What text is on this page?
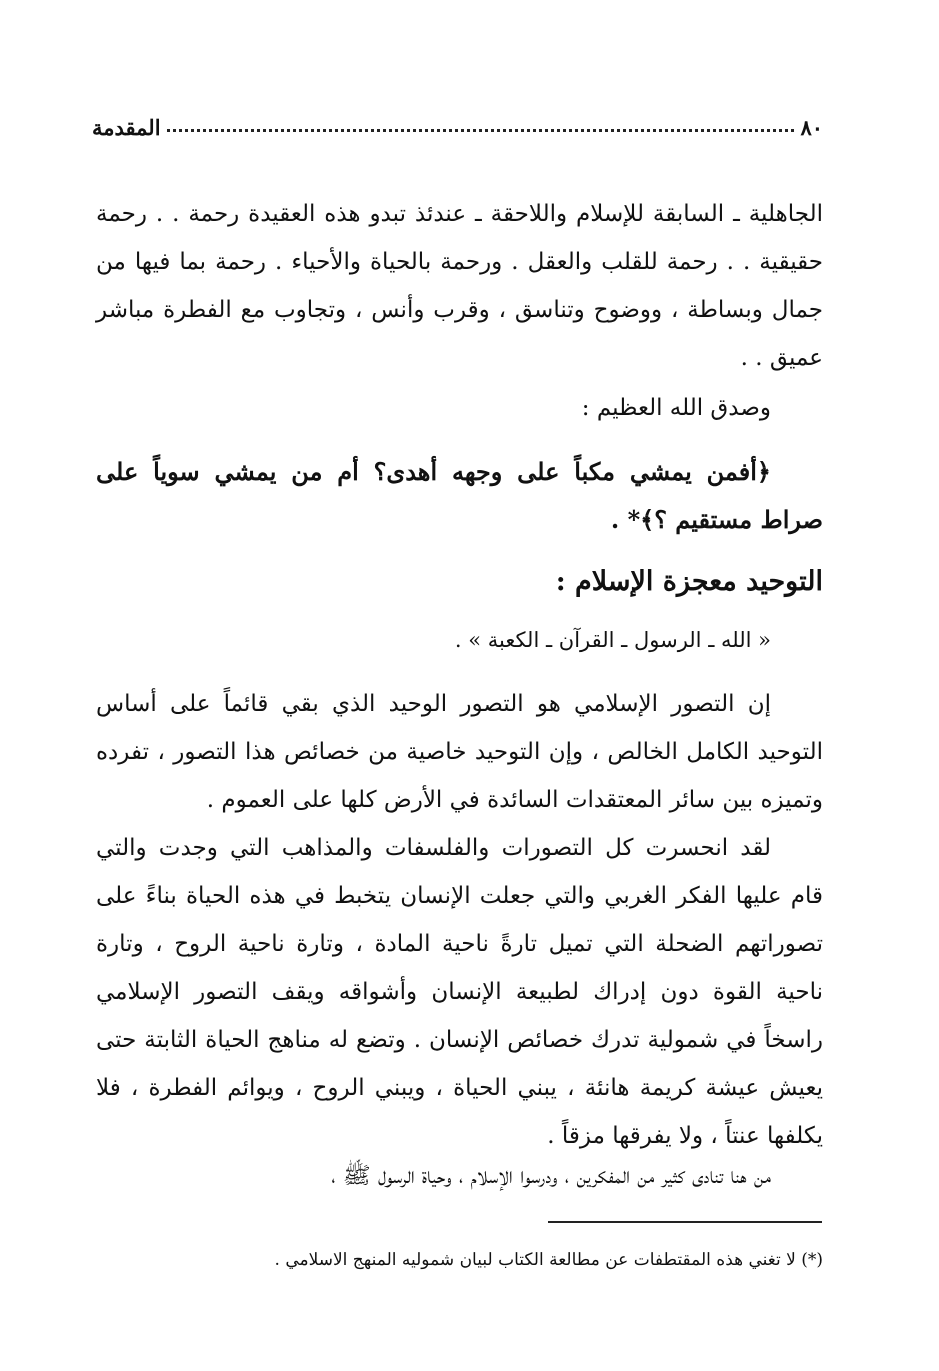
٨٠
المقدمة

الجاهلية ـ السابقة للإسلام واللاحقة ـ عندئذ تبدو هذه العقيدة رحمة . . رحمة حقيقية . . رحمة للقلب والعقل . ورحمة بالحياة والأحياء . رحمة بما فيها من جمال وبساطة ، ووضوح وتناسق ، وقرب وأنس ، وتجاوب مع الفطرة مباشر عميق . .

وصدق الله العظيم :

﴿أفمن يمشي مكباً على وجهه أهدى؟ أم من يمشي سوياً على صراط مستقيم ؟﴾* .

التوحيد معجزة الإسلام :

« الله ـ الرسول ـ القرآن ـ الكعبة » .

إن التصور الإسلامي هو التصور الوحيد الذي بقي قائماً على أساس التوحيد الكامل الخالص ، وإن التوحيد خاصية من خصائص هذا التصور ، تفرده وتميزه بين سائر المعتقدات السائدة في الأرض كلها على العموم .

لقد انحسرت كل التصورات والفلسفات والمذاهب التي وجدت والتي قام عليها الفكر الغربي والتي جعلت الإنسان يتخبط في هذه الحياة بناءً على تصوراتهم الضحلة التي تميل تارةً ناحية المادة ، وتارة ناحية الروح ، وتارة ناحية القوة دون إدراك لطبيعة الإنسان وأشواقه ويقف التصور الإسلامي راسخاً في شمولية تدرك خصائص الإنسان . وتضع له مناهج الحياة الثابتة حتى يعيش عيشة كريمة هانئة ، يبني الحياة ، ويبني الروح ، ويوائم الفطرة ، فلا يكلفها عنتاً ، ولا يفرقها مزقاً .

من هنا تنادى كثير من المفكرين ، ودرسوا الإسلام ، وحياة الرسول ﷺ ،

(*) لا تغني هذه المقتطفات عن مطالعة الكتاب لبيان شموليه المنهج الاسلامي .
